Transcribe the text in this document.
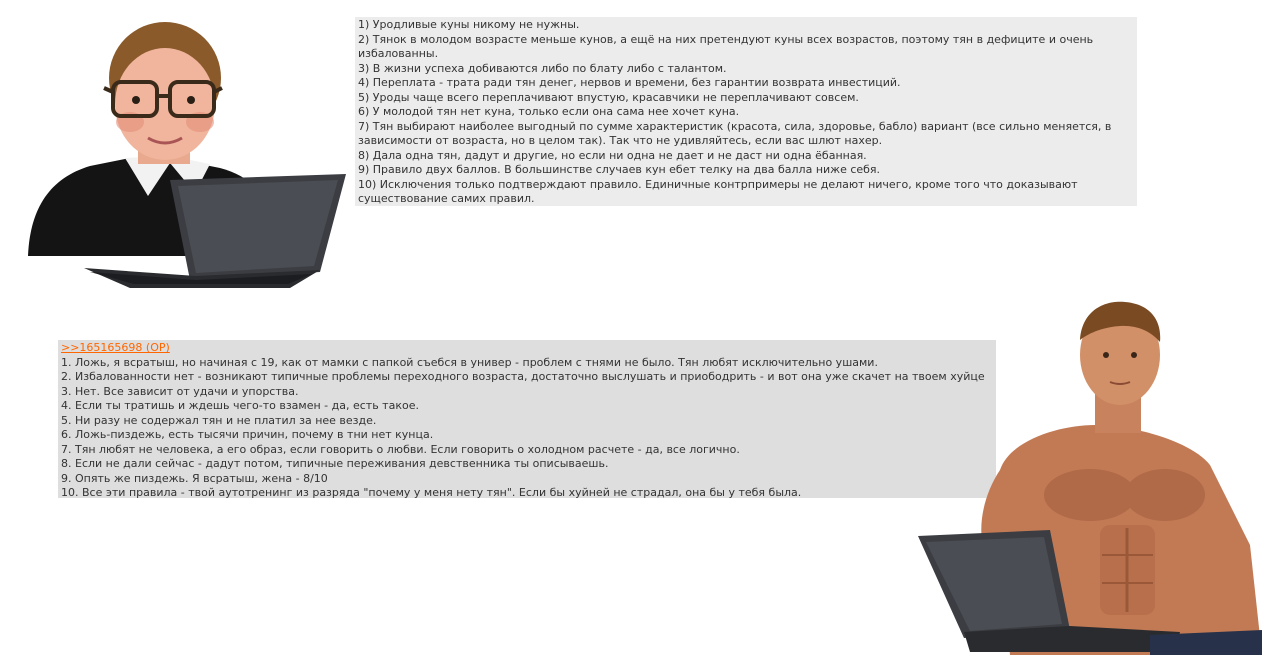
1) Уродливые куны никому не нужны.
2) Тянок в молодом возрасте меньше кунов, а ещё на них претендуют куны всех возрастов, поэтому тян в дефиците и очень избалованны.
3) В жизни успеха добиваются либо по блату либо с талантом.
4) Переплата - трата ради тян денег, нервов и времени, без гарантии возврата инвестиций.
5) Уроды чаще всего переплачивают впустую, красавчики не переплачивают совсем.
6) У молодой тян нет куна, только если она сама нее хочет куна.
7) Тян выбирают наиболее выгодный по сумме характеристик (красота, сила, здоровье, бабло) вариант (все сильно меняется, в зависимости от возраста, но в целом так). Так что не удивляйтесь, если вас шлют нахер.
8) Дала одна тян, дадут и другие, но если ни одна не дает и не даст ни одна ёбанная.
9) Правило двух баллов. В большинстве случаев кун ебет телку на два балла ниже себя.
10) Исключения только подтверждают правило. Единичные контрпримеры не делают ничего, кроме того что доказывают существование самих правил.
>>165165698 (OP)
1. Ложь, я всратыш, но начиная с 19, как от мамки с папкой съебся в универ - проблем с тнями не было. Тян любят исключительно ушами.
2. Избалованности нет - возникают типичные проблемы переходного возраста, достаточно выслушать и приободрить - и вот она уже скачет на твоем хуйце
3. Нет. Все зависит от удачи и упорства.
4. Если ты тратишь и ждешь чего-то взамен - да, есть такое.
5. Ни разу не содержал тян и не платил за нее везде.
6. Ложь-пиздежь, есть тысячи причин, почему в тни нет кунца.
7. Тян любят не человека, а его образ, если говорить о любви. Если говорить о холодном расчете - да, все логично.
8. Если не дали сейчас - дадут потом, типичные переживания девственника ты описываешь.
9. Опять же пиздежь. Я всратыш, жена - 8/10
10. Все эти правила - твой аутотренинг из разряда "почему у меня нету тян". Если бы хуйней не страдал, она бы у тебя была.
